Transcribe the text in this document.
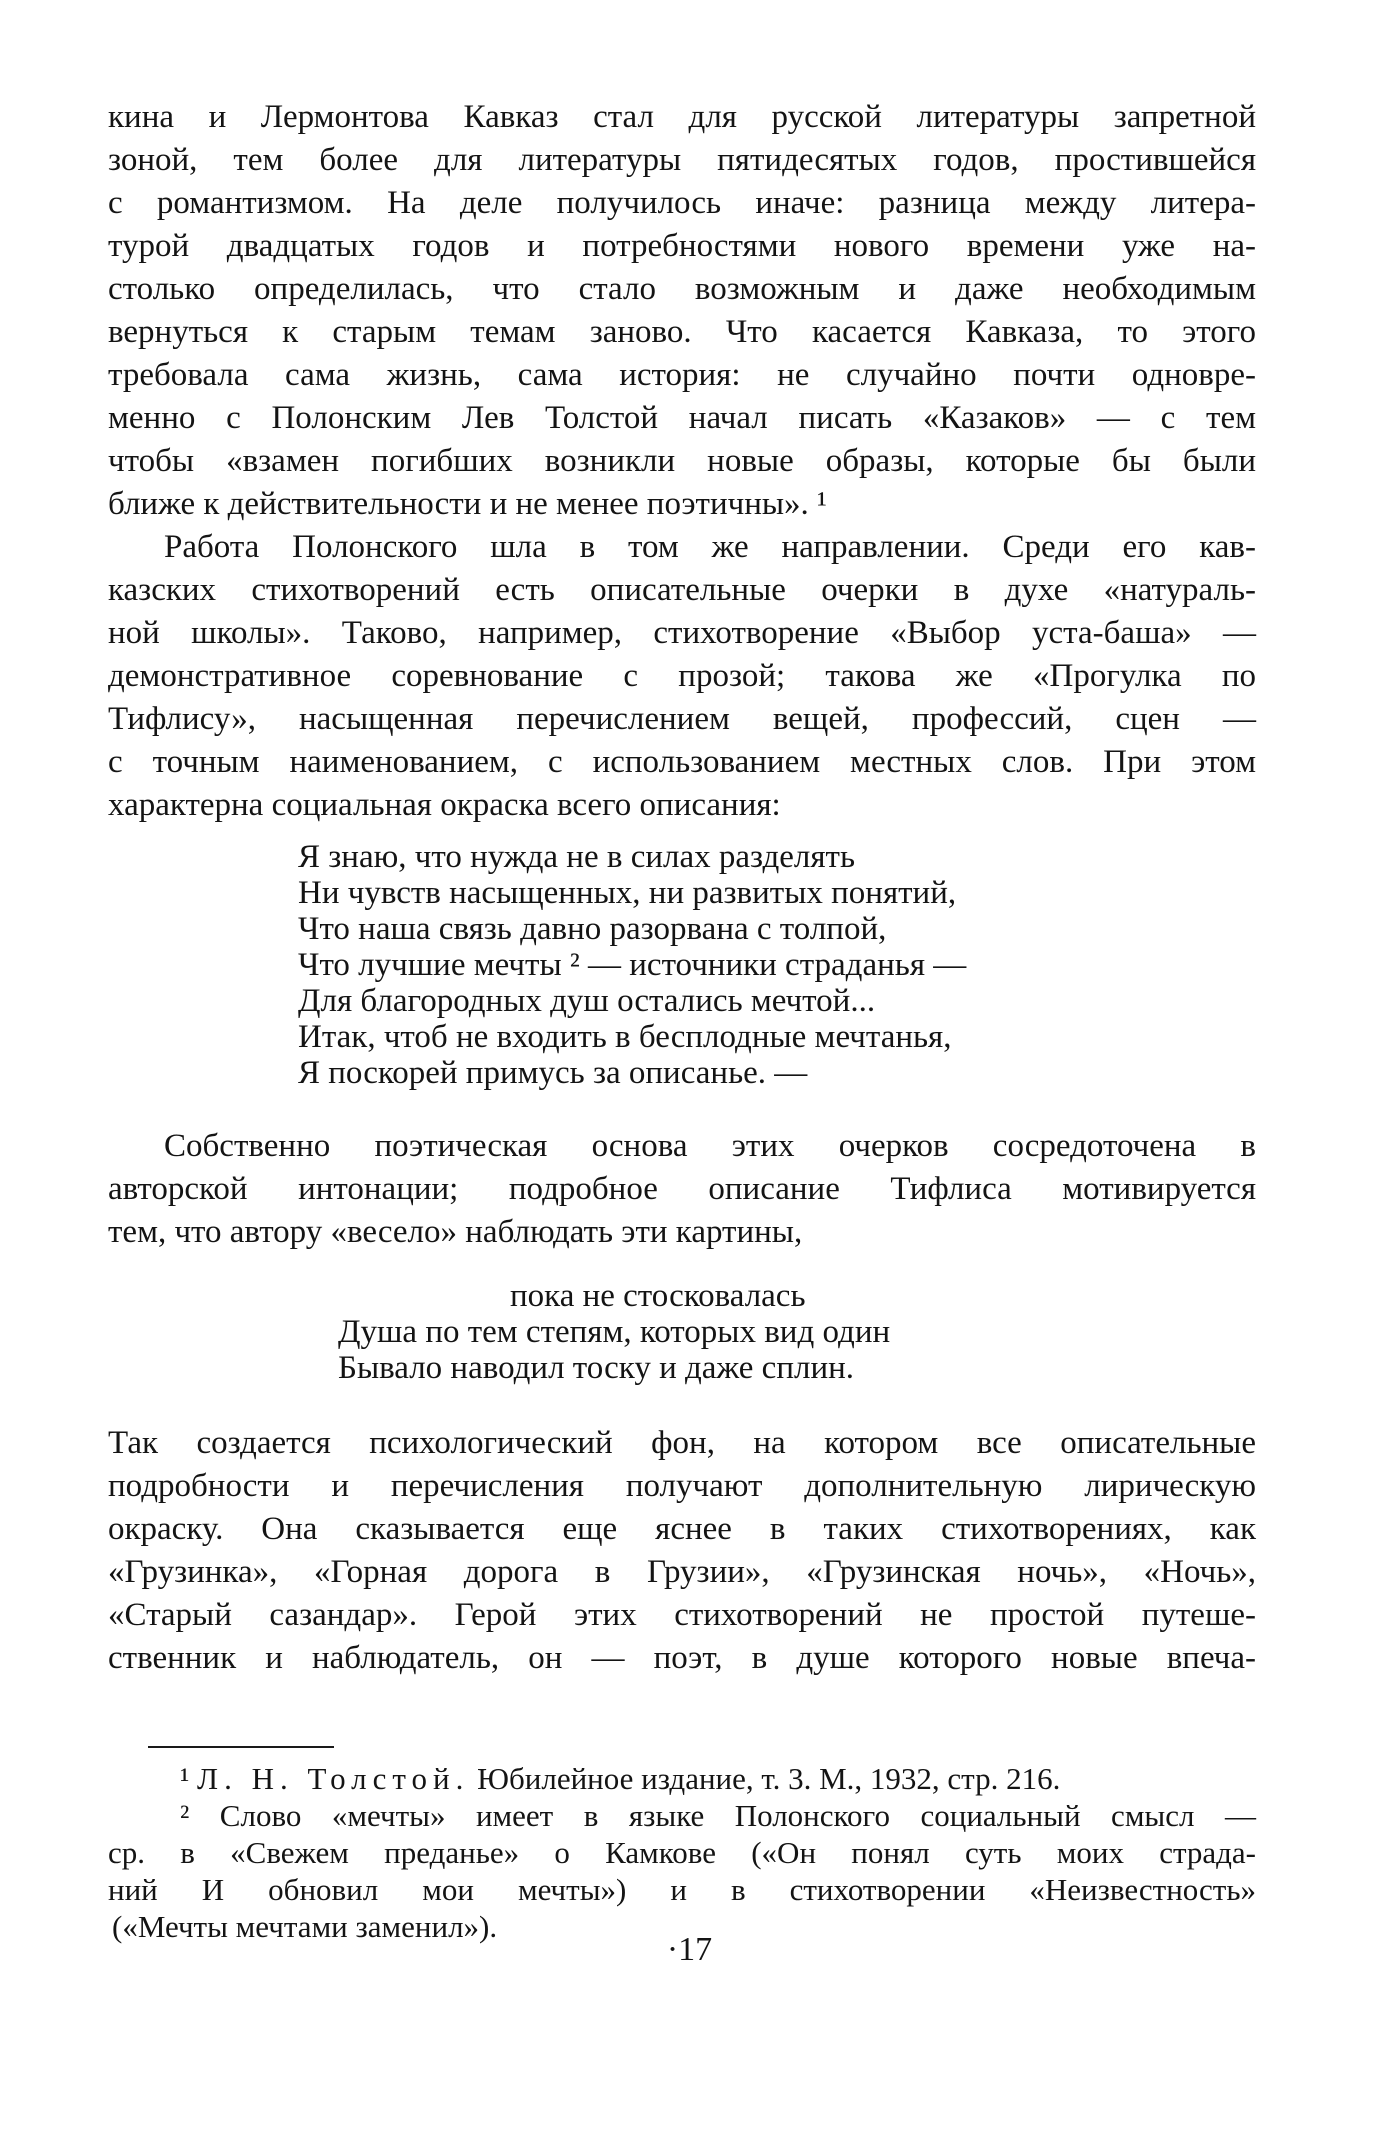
кина и Лермонтова Кавказ стал для русской литературы запретной
зоной, тем более для литературы пятидесятых годов, простившейся
с романтизмом. На деле получилось иначе: разница между литера-
турой двадцатых годов и потребностями нового времени уже на-
столько определилась, что стало возможным и даже необходимым
вернуться к старым темам заново. Что касается Кавказа, то этого
требовала сама жизнь, сама история: не случайно почти одновре-
менно с Полонским Лев Толстой начал писать «Казаков» — с тем
чтобы «взамен погибших возникли новые образы, которые бы были
ближе к действительности и не менее поэтичны». ¹
Работа Полонского шла в том же направлении. Среди его кав-
казских стихотворений есть описательные очерки в духе «натураль-
ной школы». Таково, например, стихотворение «Выбор уста-баша» —
демонстративное соревнование с прозой; такова же «Прогулка по
Тифлису», насыщенная перечислением вещей, профессий, сцен —
с точным наименованием, с использованием местных слов. При этом
характерна социальная окраска всего описания:
Я знаю, что нужда не в силах разделять
Ни чувств насыщенных, ни развитых понятий,
Что наша связь давно разорвана с толпой,
Что лучшие мечты ² — источники страданья —
Для благородных душ остались мечтой...
Итак, чтоб не входить в бесплодные мечтанья,
Я поскорей примусь за описанье. —
Собственно поэтическая основа этих очерков сосредоточена в
авторской интонации; подробное описание Тифлиса мотивируется
тем, что автору «весело» наблюдать эти картины,
пока не стосковалась
Душа по тем степям, которых вид один
Бывало наводил тоску и даже сплин.
Так создается психологический фон, на котором все описательные
подробности и перечисления получают дополнительную лирическую
окраску. Она сказывается еще яснее в таких стихотворениях, как
«Грузинка», «Горная дорога в Грузии», «Грузинская ночь», «Ночь»,
«Старый сазандар». Герой этих стихотворений не простой путеше-
ственник и наблюдатель, он — поэт, в душе которого новые впеча-
¹ Л. Н. Толстой. Юбилейное издание, т. 3. М., 1932, стр. 216.
² Слово «мечты» имеет в языке Полонского социальный смысл —
ср. в «Свежем преданье» о Камкове («Он понял суть моих страда-
ний И обновил мои мечты») и в стихотворении «Неизвестность»
(«Мечты мечтами заменил»).
·17
